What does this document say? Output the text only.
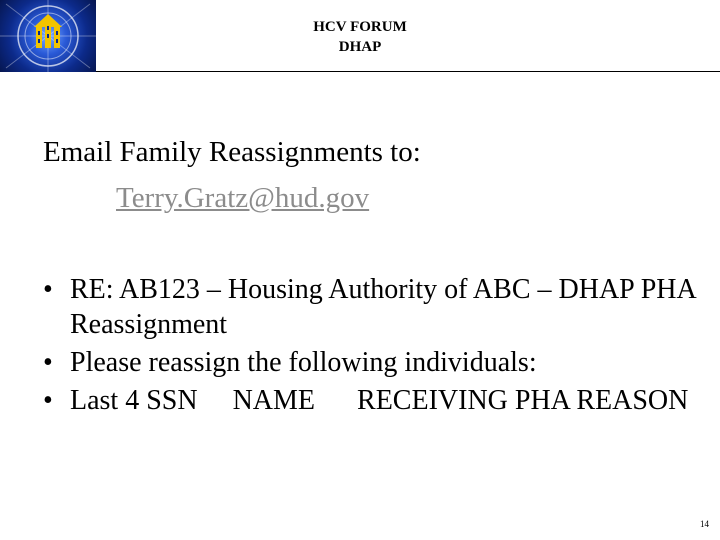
HCV FORUM
DHAP
Email Family Reassignments to:
Terry.Gratz@hud.gov
• RE: AB123 – Housing Authority of ABC – DHAP PHA Reassignment
• Please reassign the following individuals:
• Last 4 SSN     NAME      RECEIVING PHA REASON
14
